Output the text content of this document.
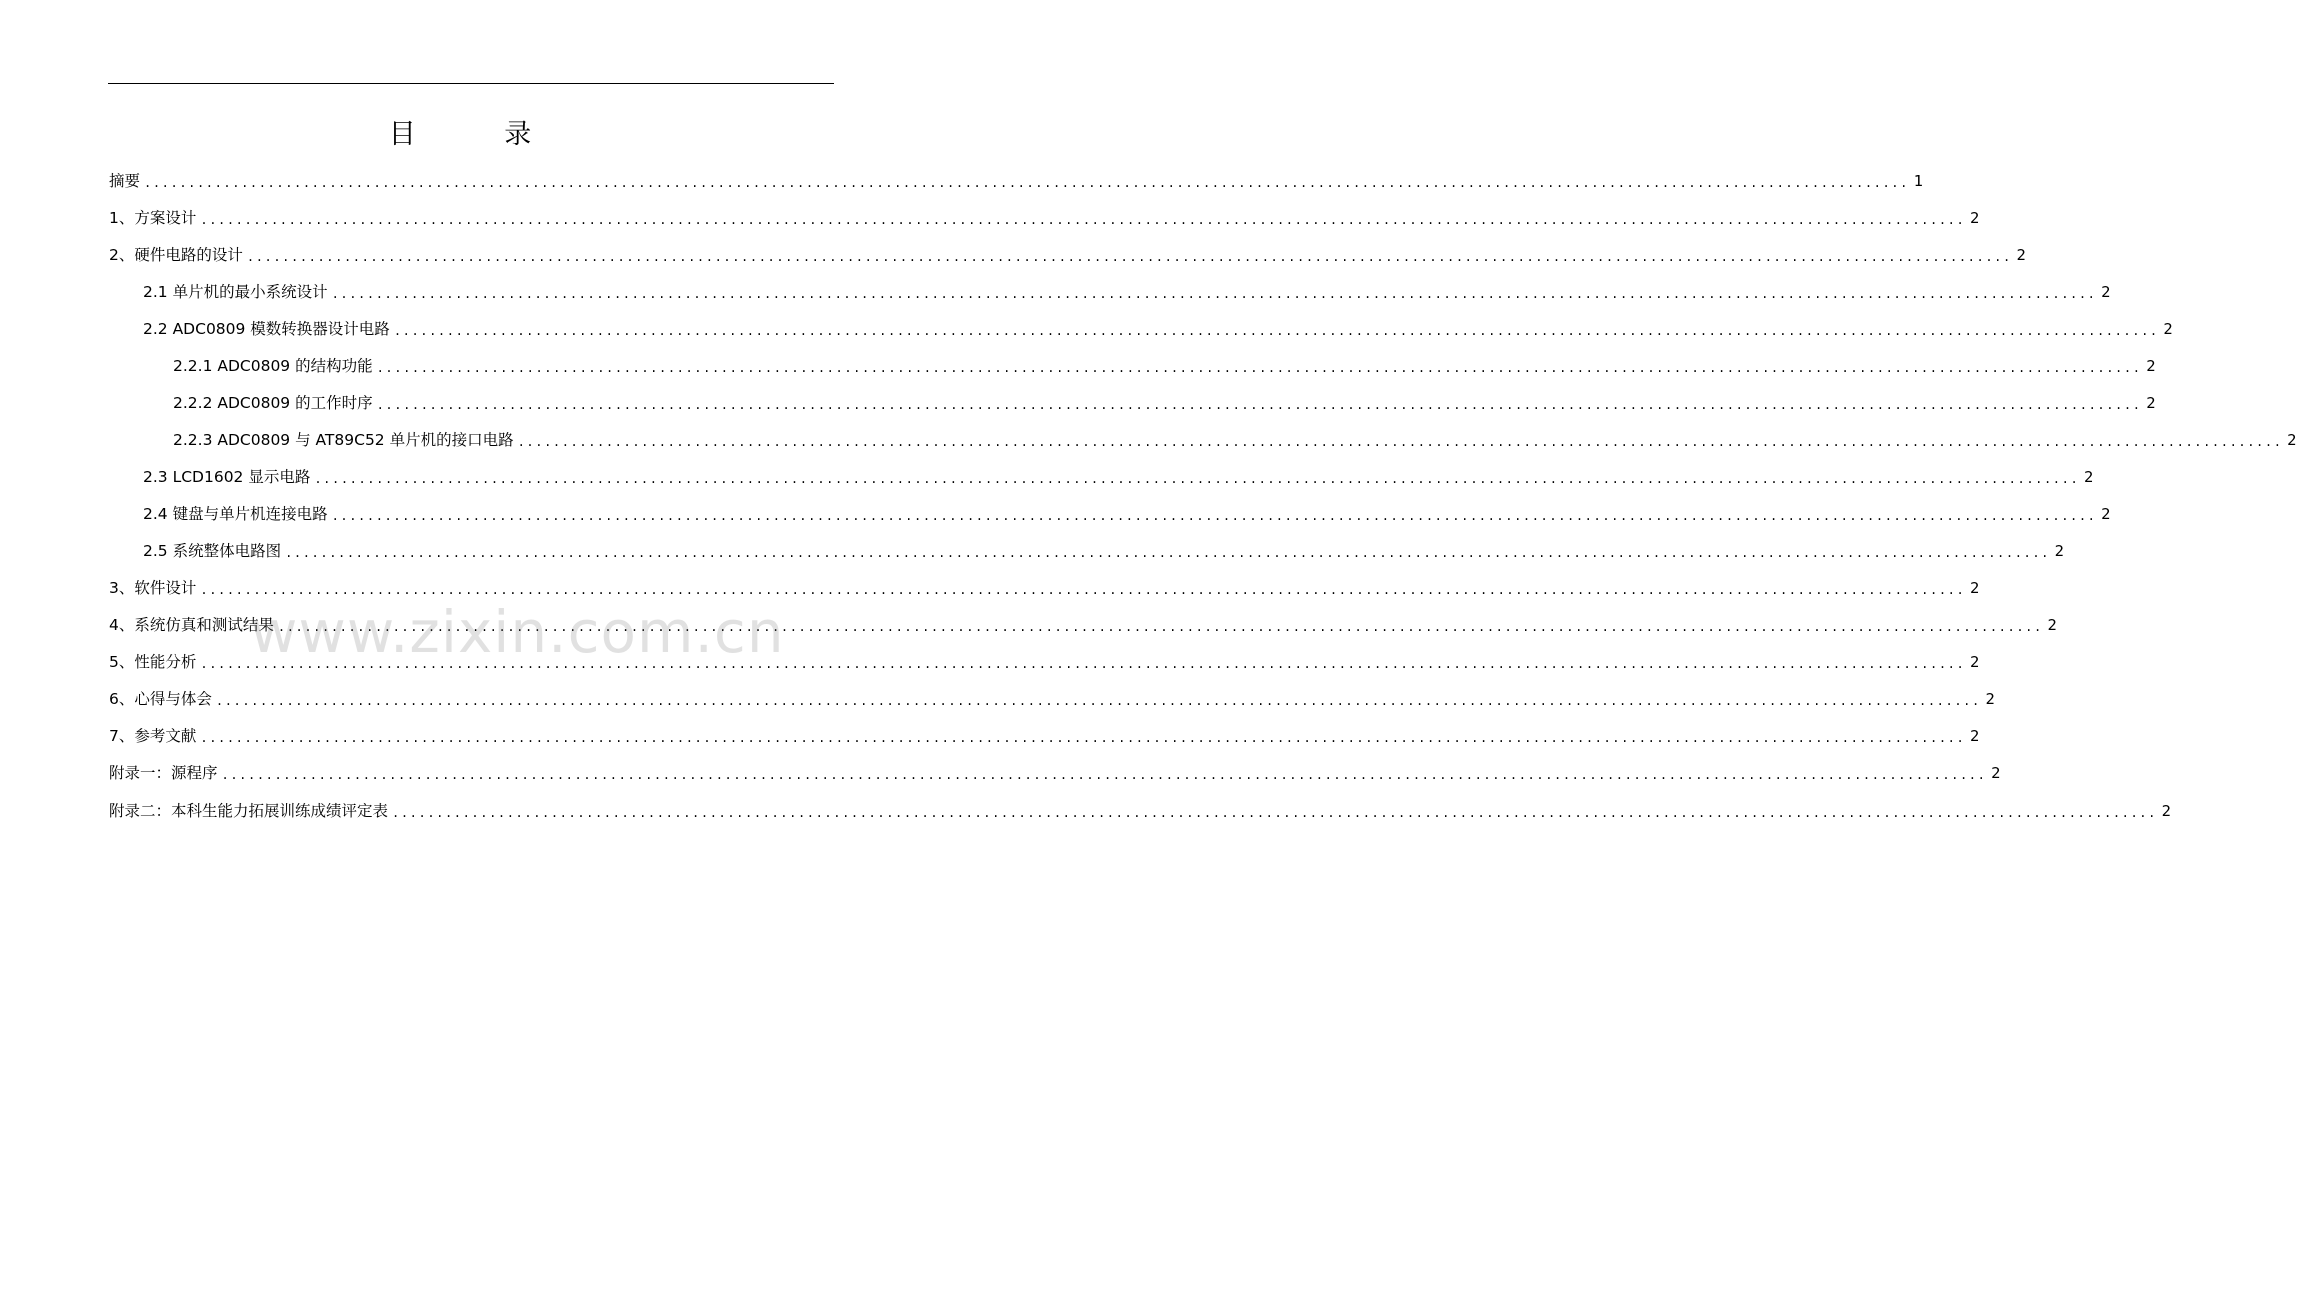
目 录
摘要 ........................................................................................................................................................................................................ 1
1、方案设计 ........................................................................................................................................................................................................ 2
2、硬件电路的设计 ........................................................................................................................................................................................................ 2
2.1 单片机的最小系统设计 ........................................................................................................................................................................................................ 2
2.2 ADC0809 模数转换器设计电路 ........................................................................................................................................................................................................ 2
2.2.1 ADC0809 的结构功能 ........................................................................................................................................................................................................ 2
2.2.2 ADC0809 的工作时序 ........................................................................................................................................................................................................ 2
2.2.3 ADC0809 与 AT89C52 单片机的接口电路 ........................................................................................................................................................................................................ 2
2.3 LCD1602 显示电路 ........................................................................................................................................................................................................ 2
2.4 键盘与单片机连接电路 ........................................................................................................................................................................................................ 2
2.5 系统整体电路图 ........................................................................................................................................................................................................ 2
3、软件设计 ........................................................................................................................................................................................................ 2
4、系统仿真和测试结果 ........................................................................................................................................................................................................ 2
5、性能分析 ........................................................................................................................................................................................................ 2
6、心得与体会 ........................................................................................................................................................................................................ 2
7、参考文献 ........................................................................................................................................................................................................ 2
附录一：源程序 ........................................................................................................................................................................................................ 2
附录二：本科生能力拓展训练成绩评定表 ........................................................................................................................................................................................................ 2
www.zixin.com.cn
